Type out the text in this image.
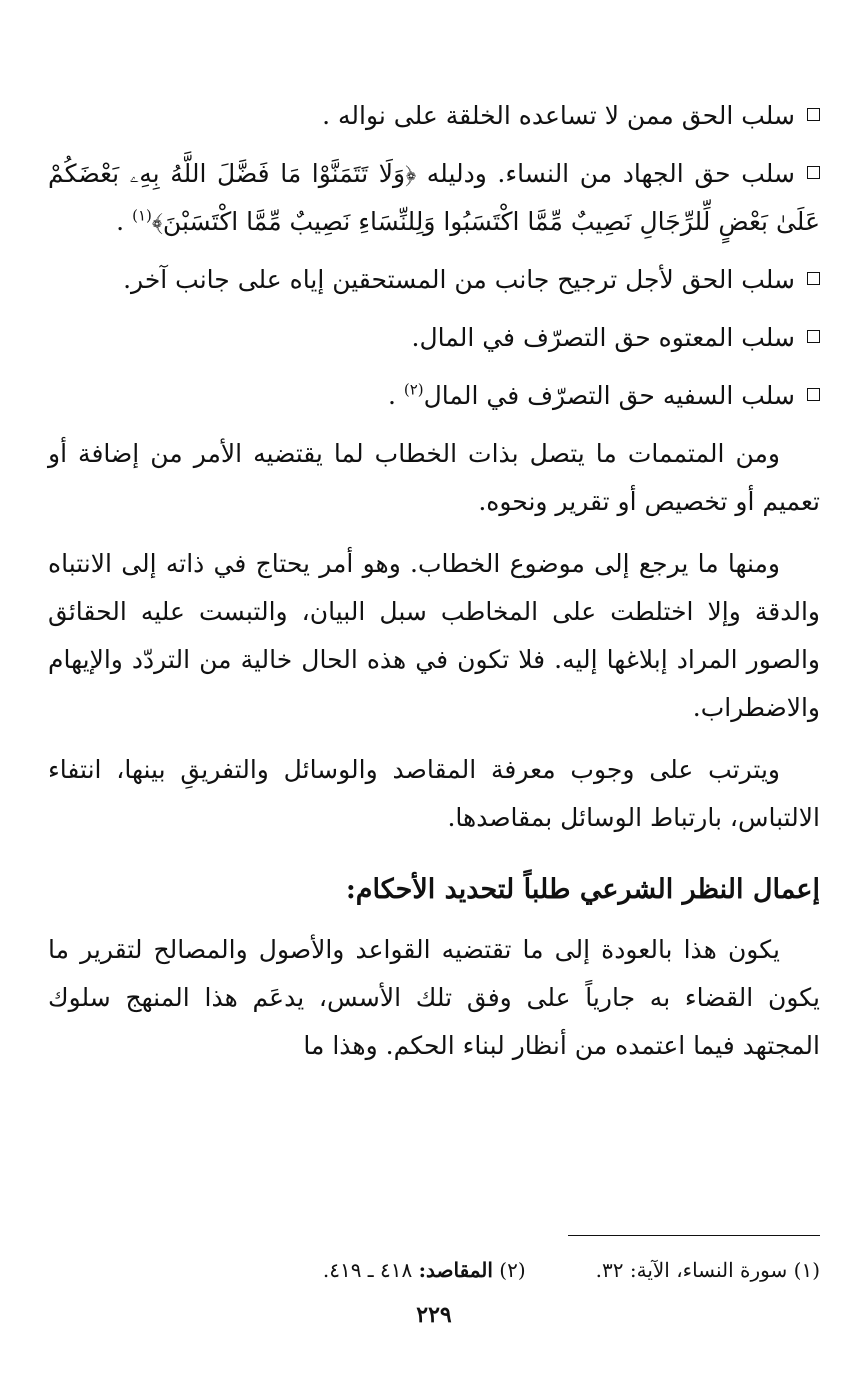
سلب الحق ممن لا تساعده الخلقة على نواله .
سلب حق الجهاد من النساء. ودليله ﴿وَلَا تَتَمَنَّوْا مَا فَضَّلَ اللَّهُ بِهِۦ بَعْضَكُمْ عَلَىٰ بَعْضٍ لِّلرِّجَالِ نَصِيبٌ مِّمَّا اكْتَسَبُوا وَلِلنِّسَاءِ نَصِيبٌ مِّمَّا اكْتَسَبْنَ﴾$^{(١)}$ .
سلب الحق لأجل ترجيح جانب من المستحقين إياه على جانب آخر.
سلب المعتوه حق التصرّف في المال.
سلب السفيه حق التصرّف في المال$^{(٢)}$ .

ومن المتممات ما يتصل بذات الخطاب لما يقتضيه الأمر من إضافة أو تعميم أو تخصيص أو تقرير ونحوه.

ومنها ما يرجع إلى موضوع الخطاب. وهو أمر يحتاج في ذاته إلى الانتباه والدقة وإلا اختلطت على المخاطب سبل البيان، والتبست عليه الحقائق والصور المراد إبلاغها إليه. فلا تكون في هذه الحال خالية من التردّد والإيهام والاضطراب.

ويترتب على وجوب معرفة المقاصد والوسائل والتفريقِ بينها، انتفاء الالتباس، بارتباط الوسائل بمقاصدها.

إعمال النظر الشرعي طلباً لتحديد الأحكام:

يكون هذا بالعودة إلى ما تقتضيه القواعد والأصول والمصالح لتقرير ما يكون القضاء به جارياً على وفق تلك الأسس، يدعَم هذا المنهج سلوك المجتهد فيما اعتمده من أنظار لبناء الحكم. وهذا ما

(١) سورة النساء، الآية: ٣٢.
(٢) المقاصد: ٤١٨ ـ ٤١٩.
٢٢٩
